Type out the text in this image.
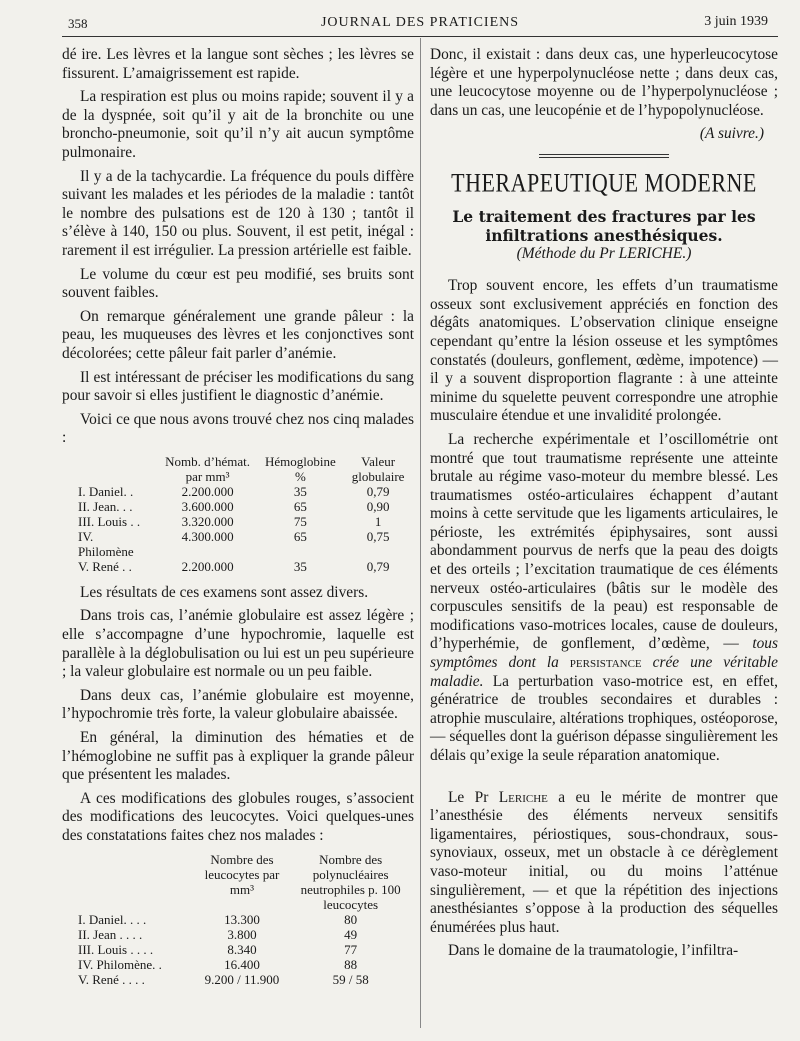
358	JOURNAL DES PRATICIENS	3 juin 1939

dé ire. Les lèvres et la langue sont sèches ; les lèvres se fissurent. L’amaigrissement est rapide.

La respiration est plus ou moins rapide; souvent il y a de la dyspnée, soit qu’il y ait de la bronchite ou une broncho-pneumonie, soit qu’il n’y ait aucun symptôme pulmonaire.

Il y a de la tachycardie. La fréquence du pouls diffère suivant les malades et les périodes de la maladie : tantôt le nombre des pulsations est de 120 à 130 ; tantôt il s’élève à 140, 150 ou plus. Souvent, il est petit, inégal : rarement il est irrégulier. La pression artérielle est faible.

Le volume du cœur est peu modifié, ses bruits sont souvent faibles.

On remarque généralement une grande pâleur : la peau, les muqueuses des lèvres et les conjonctives sont décolorées; cette pâleur fait parler d’anémie.

Il est intéressant de préciser les modifications du sang pour savoir si elles justifient le diagnostic d’anémie.

Voici ce que nous avons trouvé chez nos cinq malades :

	Nomb. d’hémat. par mm³	Hémoglobine %	Valeur globulaire
I. Daniel. .	2.200.000	35	0,79
II. Jean. . .	3.600.000	65	0,90
III. Louis . .	3.320.000	75	1
IV. Philomène	4.300.000	65	0,75
V. René . .	2.200.000	35	0,79

Les résultats de ces examens sont assez divers.

Dans trois cas, l’anémie globulaire est assez légère ; elle s’accompagne d’une hypochromie, laquelle est parallèle à la déglobulisation ou lui est un peu supérieure ; la valeur globulaire est normale ou un peu faible.

Dans deux cas, l’anémie globulaire est moyenne, l’hypochromie très forte, la valeur globulaire abaissée.

En général, la diminution des hématies et de l’hémoglobine ne suffit pas à expliquer la grande pâleur que présentent les malades.

A ces modifications des globules rouges, s’associent des modifications des leucocytes. Voici quelques-unes des constatations faites chez nos malades :

	Nombre des leucocytes par mm³	Nombre des polynucléaires neutrophiles p. 100 leucocytes
I. Daniel. . . .	13.300	80
II. Jean . . . .	3.800	49
III. Louis . . . .	8.340	77
IV. Philomène. .	16.400	88
V. René . . . .	9.200 / 11.900	59 / 58

Donc, il existait : dans deux cas, une hyperleucocytose légère et une hyperpolynucléose nette ; dans deux cas, une leucocytose moyenne ou de l’hyperpolynucléose ; dans un cas, une leucopénie et de l’hypopolynucléose.

(A suivre.)
THERAPEUTIQUE MODERNE
Le traitement des fractures par les infiltrations anesthésiques.
(Méthode du Pr LERICHE.)

Trop souvent encore, les effets d’un traumatisme osseux sont exclusivement appréciés en fonction des dégâts anatomiques. L’observation clinique enseigne cependant qu’entre la lésion osseuse et les symptômes constatés (douleurs, gonflement, œdème, impotence) — il y a souvent disproportion flagrante : à une atteinte minime du squelette peuvent correspondre une atrophie musculaire étendue et une invalidité prolongée.

La recherche expérimentale et l’oscillométrie ont montré que tout traumatisme représente une atteinte brutale au régime vaso-moteur du membre blessé. Les traumatismes ostéo-articulaires échappent d’autant moins à cette servitude que les ligaments articulaires, le périoste, les extrémités épiphysaires, sont aussi abondamment pourvus de nerfs que la peau des doigts et des orteils ; l’excitation traumatique de ces éléments nerveux ostéo-articulaires (bâtis sur le modèle des corpuscules sensitifs de la peau) est responsable de modifications vaso-motrices locales, cause de douleurs, d’hyperhémie, de gonflement, d’œdème, — tous symptômes dont la persistance crée une véritable maladie. La perturbation vaso-motrice est, en effet, génératrice de troubles secondaires et durables : atrophie musculaire, altérations trophiques, ostéoporose, — séquelles dont la guérison dépasse singulièrement les délais qu’exige la seule réparation anatomique.

Le Pr Leriche a eu le mérite de montrer que l’anesthésie des éléments nerveux sensitifs ligamentaires, périostiques, sous-chondraux, sous-synoviaux, osseux, met un obstacle à ce dérèglement vaso-moteur initial, ou du moins l’atténue singulièrement, — et que la répétition des injections anesthésiantes s’oppose à la production des séquelles énumérées plus haut.

Dans le domaine de la traumatologie, l’infiltra-
